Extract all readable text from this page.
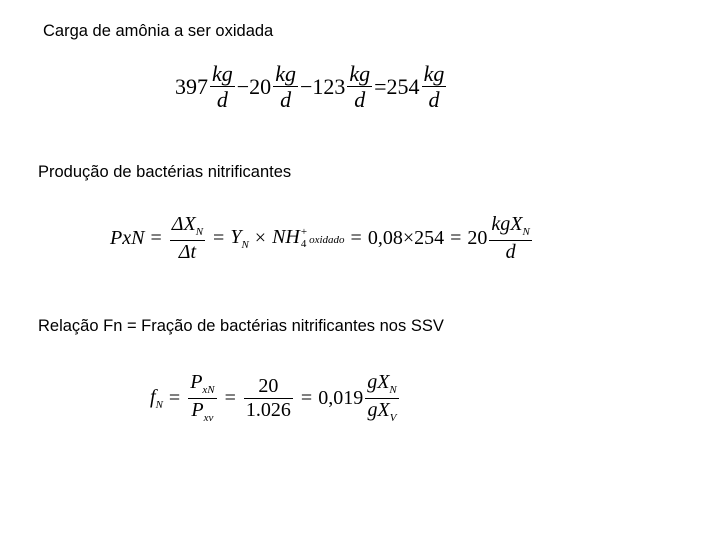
Carga de amônia a ser oxidada
$397 \frac{kg}{d} -20 \frac{kg}{d} -123 \frac{kg}{d} =254 \frac{kg}{d}$
Produção de bactérias nitrificantes
PxN = $\frac{\Delta X_N}{\Delta t} = Y_N$ × NH +
4 oxidado = $0,08\times 254 = 20 \frac{kgX_N}{d}$
Relação Fn = Fração de bactérias nitrificantes nos SSV
$f_N = \frac{P_{xN}}{P_{xv}} = \frac{20}{1.026} = 0,019 \frac{gX_N}{gX_V}$
